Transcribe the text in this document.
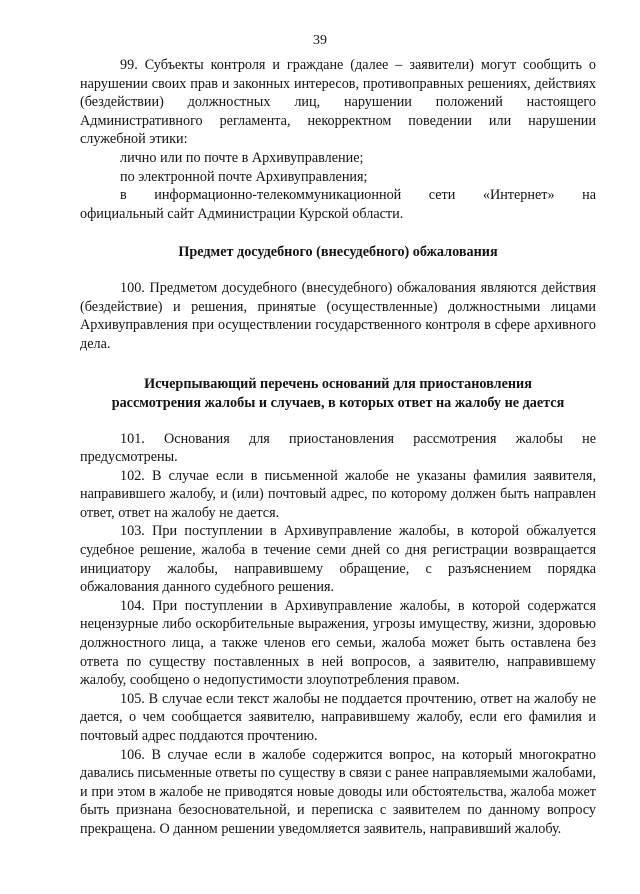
39

99. Субъекты контроля и граждане (далее – заявители) могут сообщить о нарушении своих прав и законных интересов, противоправных решениях, действиях (бездействии) должностных лиц, нарушении положений настоящего Административного регламента, некорректном поведении или нарушении служебной этики:

лично или по почте в Архивуправление;

по электронной почте Архивуправления;

в информационно-телекоммуникационной сети «Интернет» на

официальный сайт Администрации Курской области.

Предмет досудебного (внесудебного) обжалования

100. Предметом досудебного (внесудебного) обжалования являются действия (бездействие) и решения, принятые (осуществленные) должностными лицами Архивуправления при осуществлении государственного контроля в сфере архивного дела.

Исчерпывающий перечень оснований для приостановления

рассмотрения жалобы и случаев, в которых ответ на жалобу не дается

101. Основания для приостановления рассмотрения жалобы не предусмотрены.

102. В случае если в письменной жалобе не указаны фамилия заявителя, направившего жалобу, и (или) почтовый адрес, по которому должен быть направлен ответ, ответ на жалобу не дается.

103. При поступлении в Архивуправление жалобы, в которой обжалуется судебное решение, жалоба в течение семи дней со дня регистрации возвращается инициатору жалобы, направившему обращение, с разъяснением порядка обжалования данного судебного решения.

104. При поступлении в Архивуправление жалобы, в которой содержатся нецензурные либо оскорбительные выражения, угрозы имуществу, жизни, здоровью должностного лица, а также членов его семьи, жалоба может быть оставлена без ответа по существу поставленных в ней вопросов, а заявителю, направившему жалобу, сообщено о недопустимости злоупотребления правом.

105. В случае если текст жалобы не поддается прочтению, ответ на жалобу не дается, о чем сообщается заявителю, направившему жалобу, если его фамилия и почтовый адрес поддаются прочтению.

106. В случае если в жалобе содержится вопрос, на который многократно давались письменные ответы по существу в связи с ранее направляемыми жалобами, и при этом в жалобе не приводятся новые доводы или обстоятельства, жалоба может быть признана безосновательной, и переписка с заявителем по данному вопросу прекращена. О данном решении уведомляется заявитель, направивший жалобу.
